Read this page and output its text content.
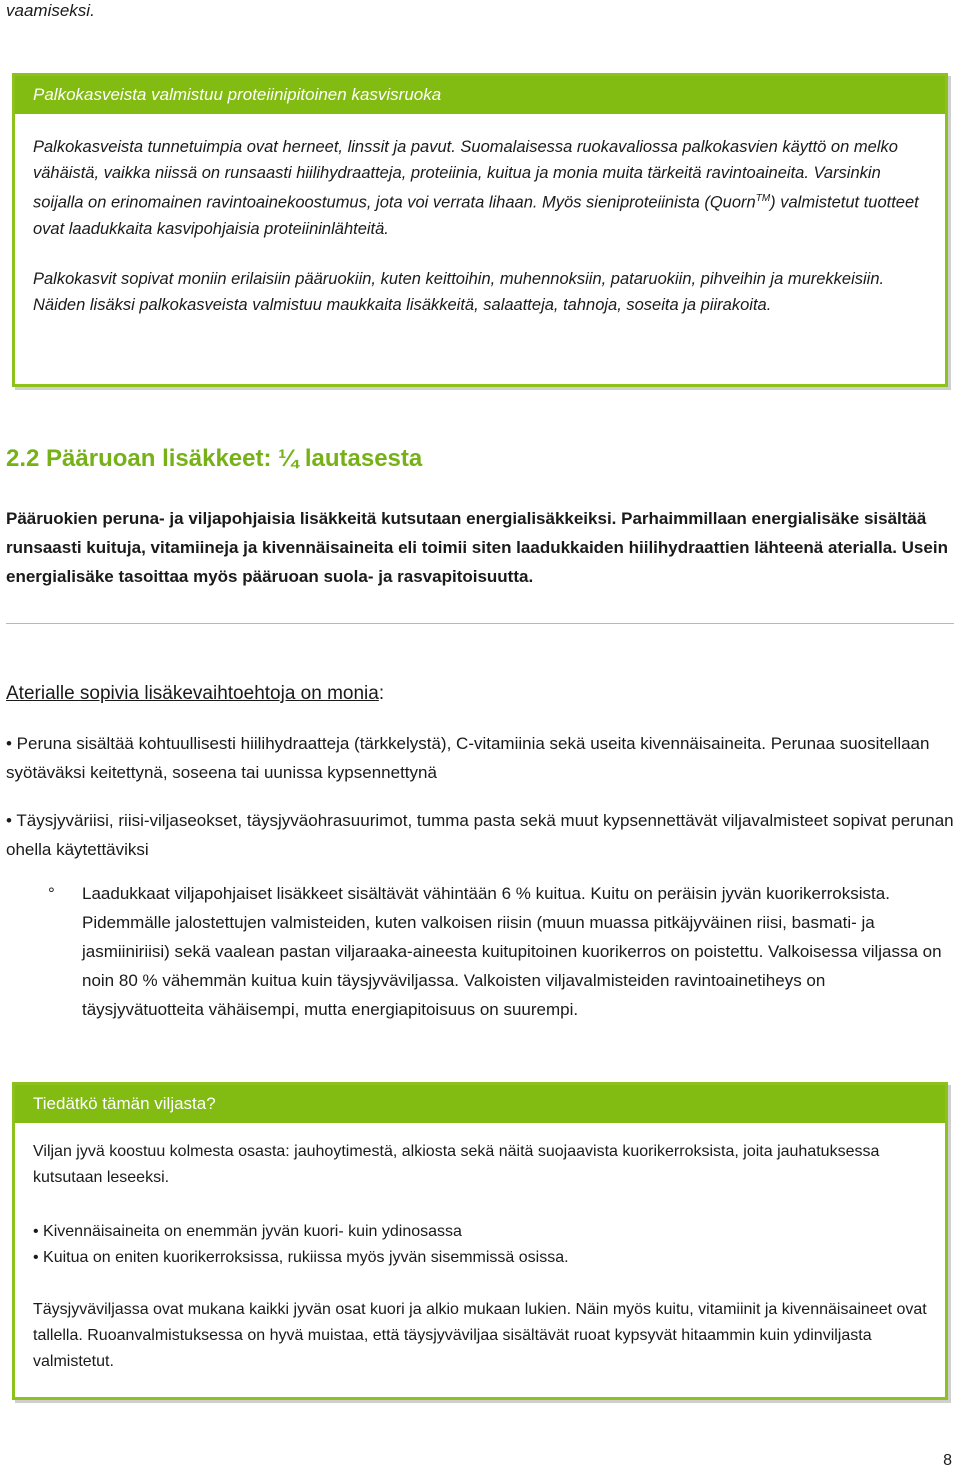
vaamiseksi.
Palkokasveista valmistuu proteiinipitoinen kasvisruoka

Palkokasveista tunnetuimpia ovat herneet, linssit ja pavut. Suomalaisessa ruokavaliossa palkokasvien käyttö on melko vähäistä, vaikka niissä on runsaasti hiilihydraatteja, proteiinia, kuitua ja monia muita tärkeitä ravintoaineita. Varsinkin soijalla on erinomainen ravintoainekoostumus, jota voi verrata lihaan. Myös sieniproteiinista (Quorn™) valmistetut tuotteet ovat laadukkaita kasvipohjaisia proteiininlähteitä.

Palkokasvit sopivat moniin erilaisiin pääruokiin, kuten keittoihin, muhennoksiin, pataruokiin, pihveihin ja murekkeisiin. Näiden lisäksi palkokasveista valmistuu maukkaita lisäkkeitä, salaatteja, tahnoja, soseita ja piirakoita.

2.2 Pääruoan lisäkkeet: ¼ lautasesta

Pääruokien peruna- ja viljapohjaisia lisäkkeitä kutsutaan energialisäkkeiksi. Parhaimmillaan energialisäke sisältää runsaasti kuituja, vitamiineja ja kivennäisaineita eli toimii siten laadukkaiden hiilihydraattien lähteenä aterialla. Usein energialisäke tasoittaa myös pääruoan suola- ja rasvapitoisuutta.

Aterialle sopivia lisäkevaihtoehtoja on monia:

• Peruna sisältää kohtuullisesti hiilihydraatteja (tärkkelystä), C-vitamiinia sekä useita kivennäisaineita. Perunaa suositellaan syötäväksi keitettynä, soseena tai uunissa kypsennettynä

• Täysjyväriisi, riisi-viljaseokset, täysjyväohrasuurimot, tumma pasta sekä muut kypsennettävät viljavalmisteet sopivat perunan ohella käytettäviksi

° Laadukkaat viljapohjaiset lisäkkeet sisältävät vähintään 6 % kuitua. Kuitu on peräisin jyvän kuorikerroksista. Pidemmälle jalostettujen valmisteiden, kuten valkoisen riisin (muun muassa pitkäjyväinen riisi, basmati- ja jasmiiniriisi) sekä vaalean pastan viljaraaka-aineesta kuitupitoinen kuorikerros on poistettu. Valkoisessa viljassa on noin 80 % vähemmän kuitua kuin täysjyväviljassa. Valkoisten viljavalmisteiden ravintoainetiheys on täysjyvätuotteita vähäisempi, mutta energiapitoisuus on suurempi.

Tiedätkö tämän viljasta?

Viljan jyvä koostuu kolmesta osasta: jauhoytimestä, alkiosta sekä näitä suojaavista kuorikerroksista, joita jauhatuksessa kutsutaan leseeksi.

• Kivennäisaineita on enemmän jyvän kuori- kuin ydinosassa
• Kuitua on eniten kuorikerroksissa, rukiissa myös jyvän sisemmissä osissa.

Täysjyväviljassa ovat mukana kaikki jyvän osat kuori ja alkio mukaan lukien. Näin myös kuitu, vitamiinit ja kivennäisaineet ovat tallella. Ruoanvalmistuksessa on hyvä muistaa, että täysjyväviljaa sisältävät ruoat kypsyvät hitaammin kuin ydinviljasta valmistetut.

8
